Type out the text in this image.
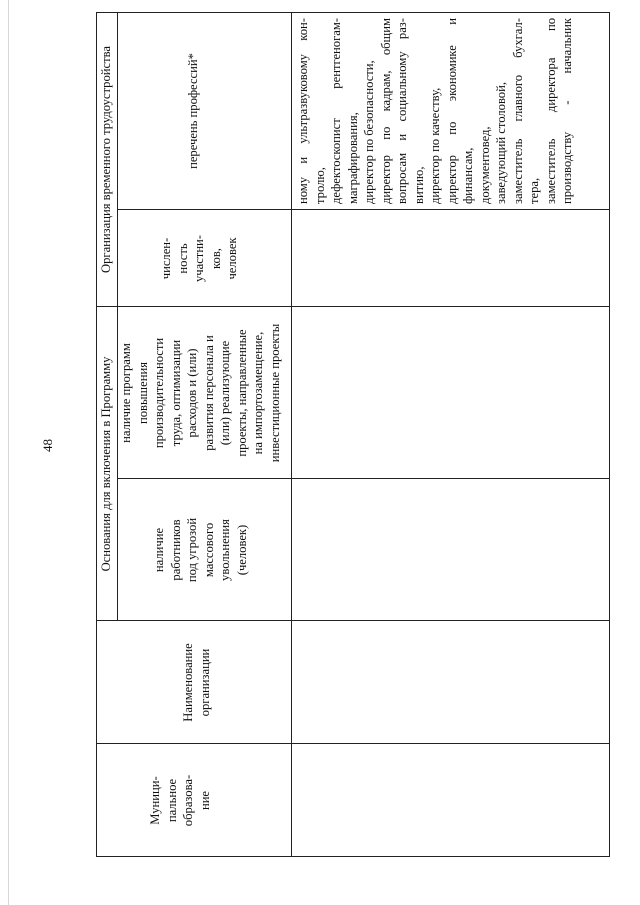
48	Основания для включения в Программу
Организация временного трудоустройства
Муници- пальное образова- ние
Наименование организации
наличие работников под угрозой массового увольнения (человек)
наличие программ повышения производительности труда, оптимизации расходов и (или) развития персонала и (или) реализующие проекты, направленные на импортозамещение, инвестиционные проекты
числен- ность участни- ков, человек
перечень профессий*
ному
и
ультразвуковому
кон-
тролю, дефектоскопист
рентгеногам-
маграфирования, директор по безопасности, директор
по
кадрам,
общим
вопросам
и
социальному
раз-
витию, директор по качеству, директор
по
экономике
и
финансам, документовед, заведующий столовой, заместитель
главного
бухгал-
тера, заместитель
директора
по
производству
-
начальник
